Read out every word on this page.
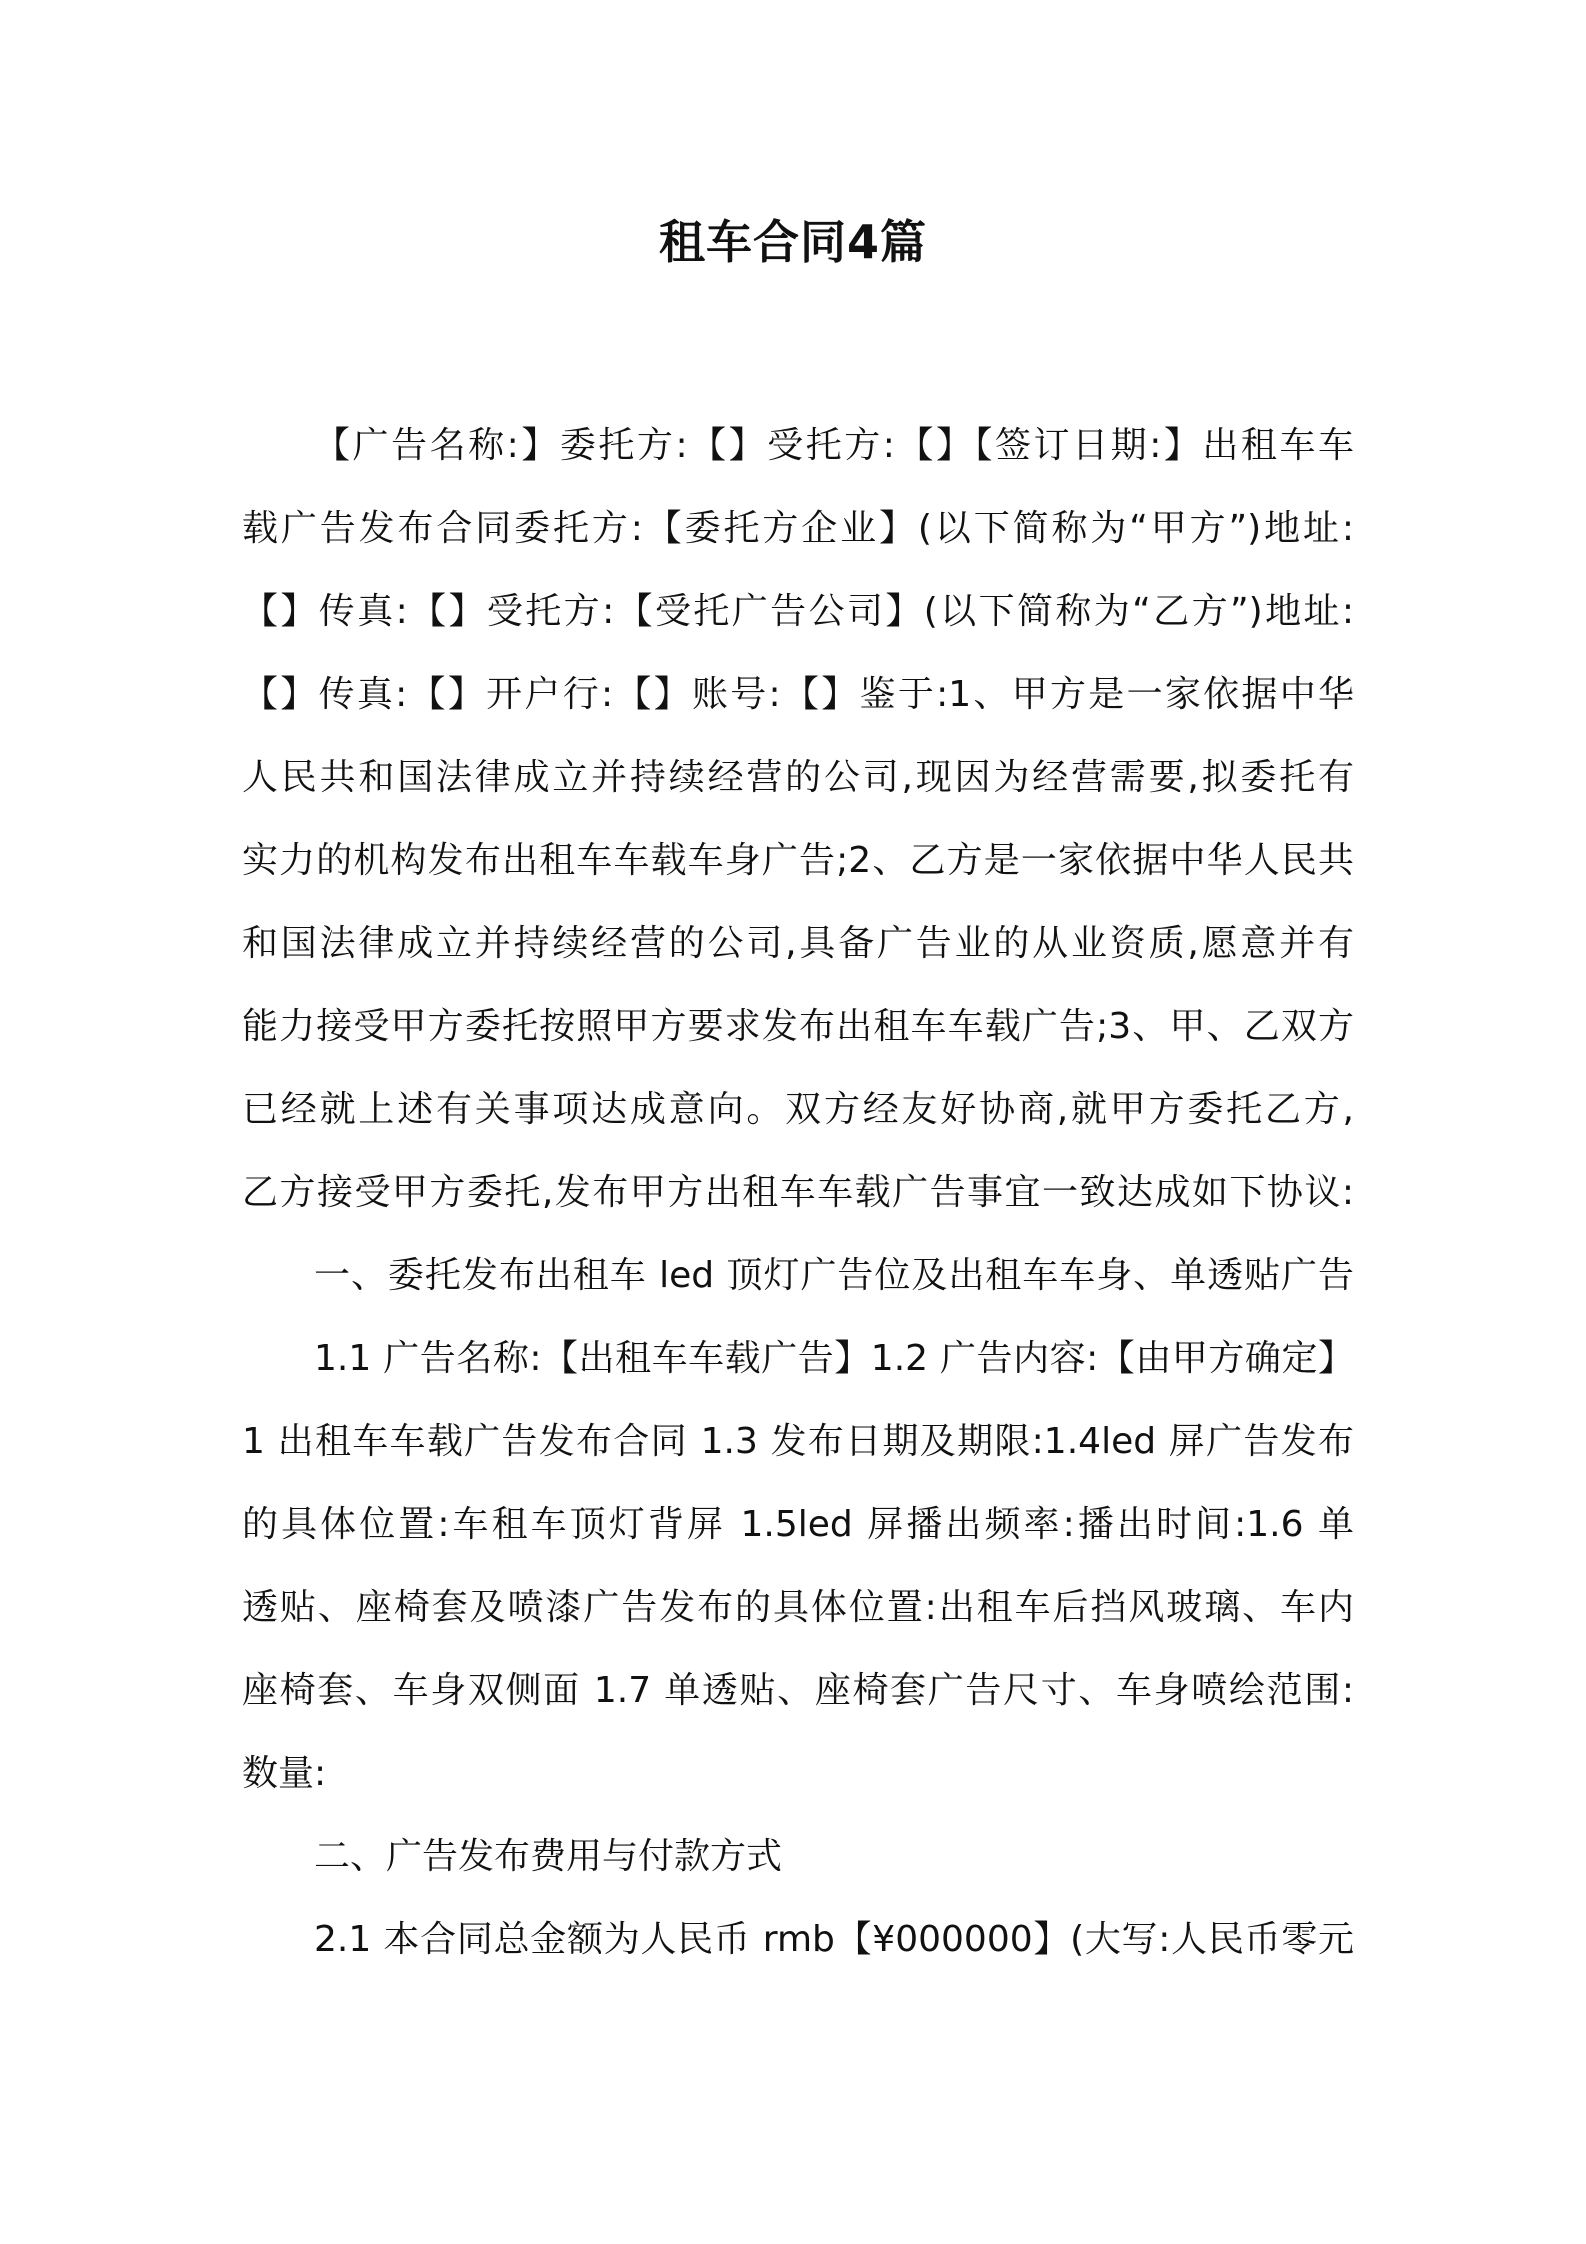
租车合同4篇
【广告名称:】委托方:【】受托方:【】【签订日期:】出租车车
载广告发布合同委托方:【委托方企业】(以下简称为“甲方”)地址:
【】传真:【】受托方:【受托广告公司】(以下简称为“乙方”)地址:
【】传真:【】开户行:【】账号:【】鉴于:1、甲方是一家依据中华
人民共和国法律成立并持续经营的公司,现因为经营需要,拟委托有
实力的机构发布出租车车载车身广告;2、乙方是一家依据中华人民共
和国法律成立并持续经营的公司,具备广告业的从业资质,愿意并有
能力接受甲方委托按照甲方要求发布出租车车载广告;3、甲、乙双方
已经就上述有关事项达成意向。双方经友好协商,就甲方委托乙方,
乙方接受甲方委托,发布甲方出租车车载广告事宜一致达成如下协议:
一、委托发布出租车 led 顶灯广告位及出租车车身、单透贴广告
1.1 广告名称:【出租车车载广告】1.2 广告内容:【由甲方确定】
1 出租车车载广告发布合同 1.3 发布日期及期限:1.4led 屏广告发布
的具体位置:车租车顶灯背屏 1.5led 屏播出频率:播出时间:1.6 单
透贴、座椅套及喷漆广告发布的具体位置:出租车后挡风玻璃、车内
座椅套、车身双侧面 1.7 单透贴、座椅套广告尺寸、车身喷绘范围:
数量:
二、广告发布费用与付款方式
2.1 本合同总金额为人民币 rmb【¥000000】(大写:人民币零元
